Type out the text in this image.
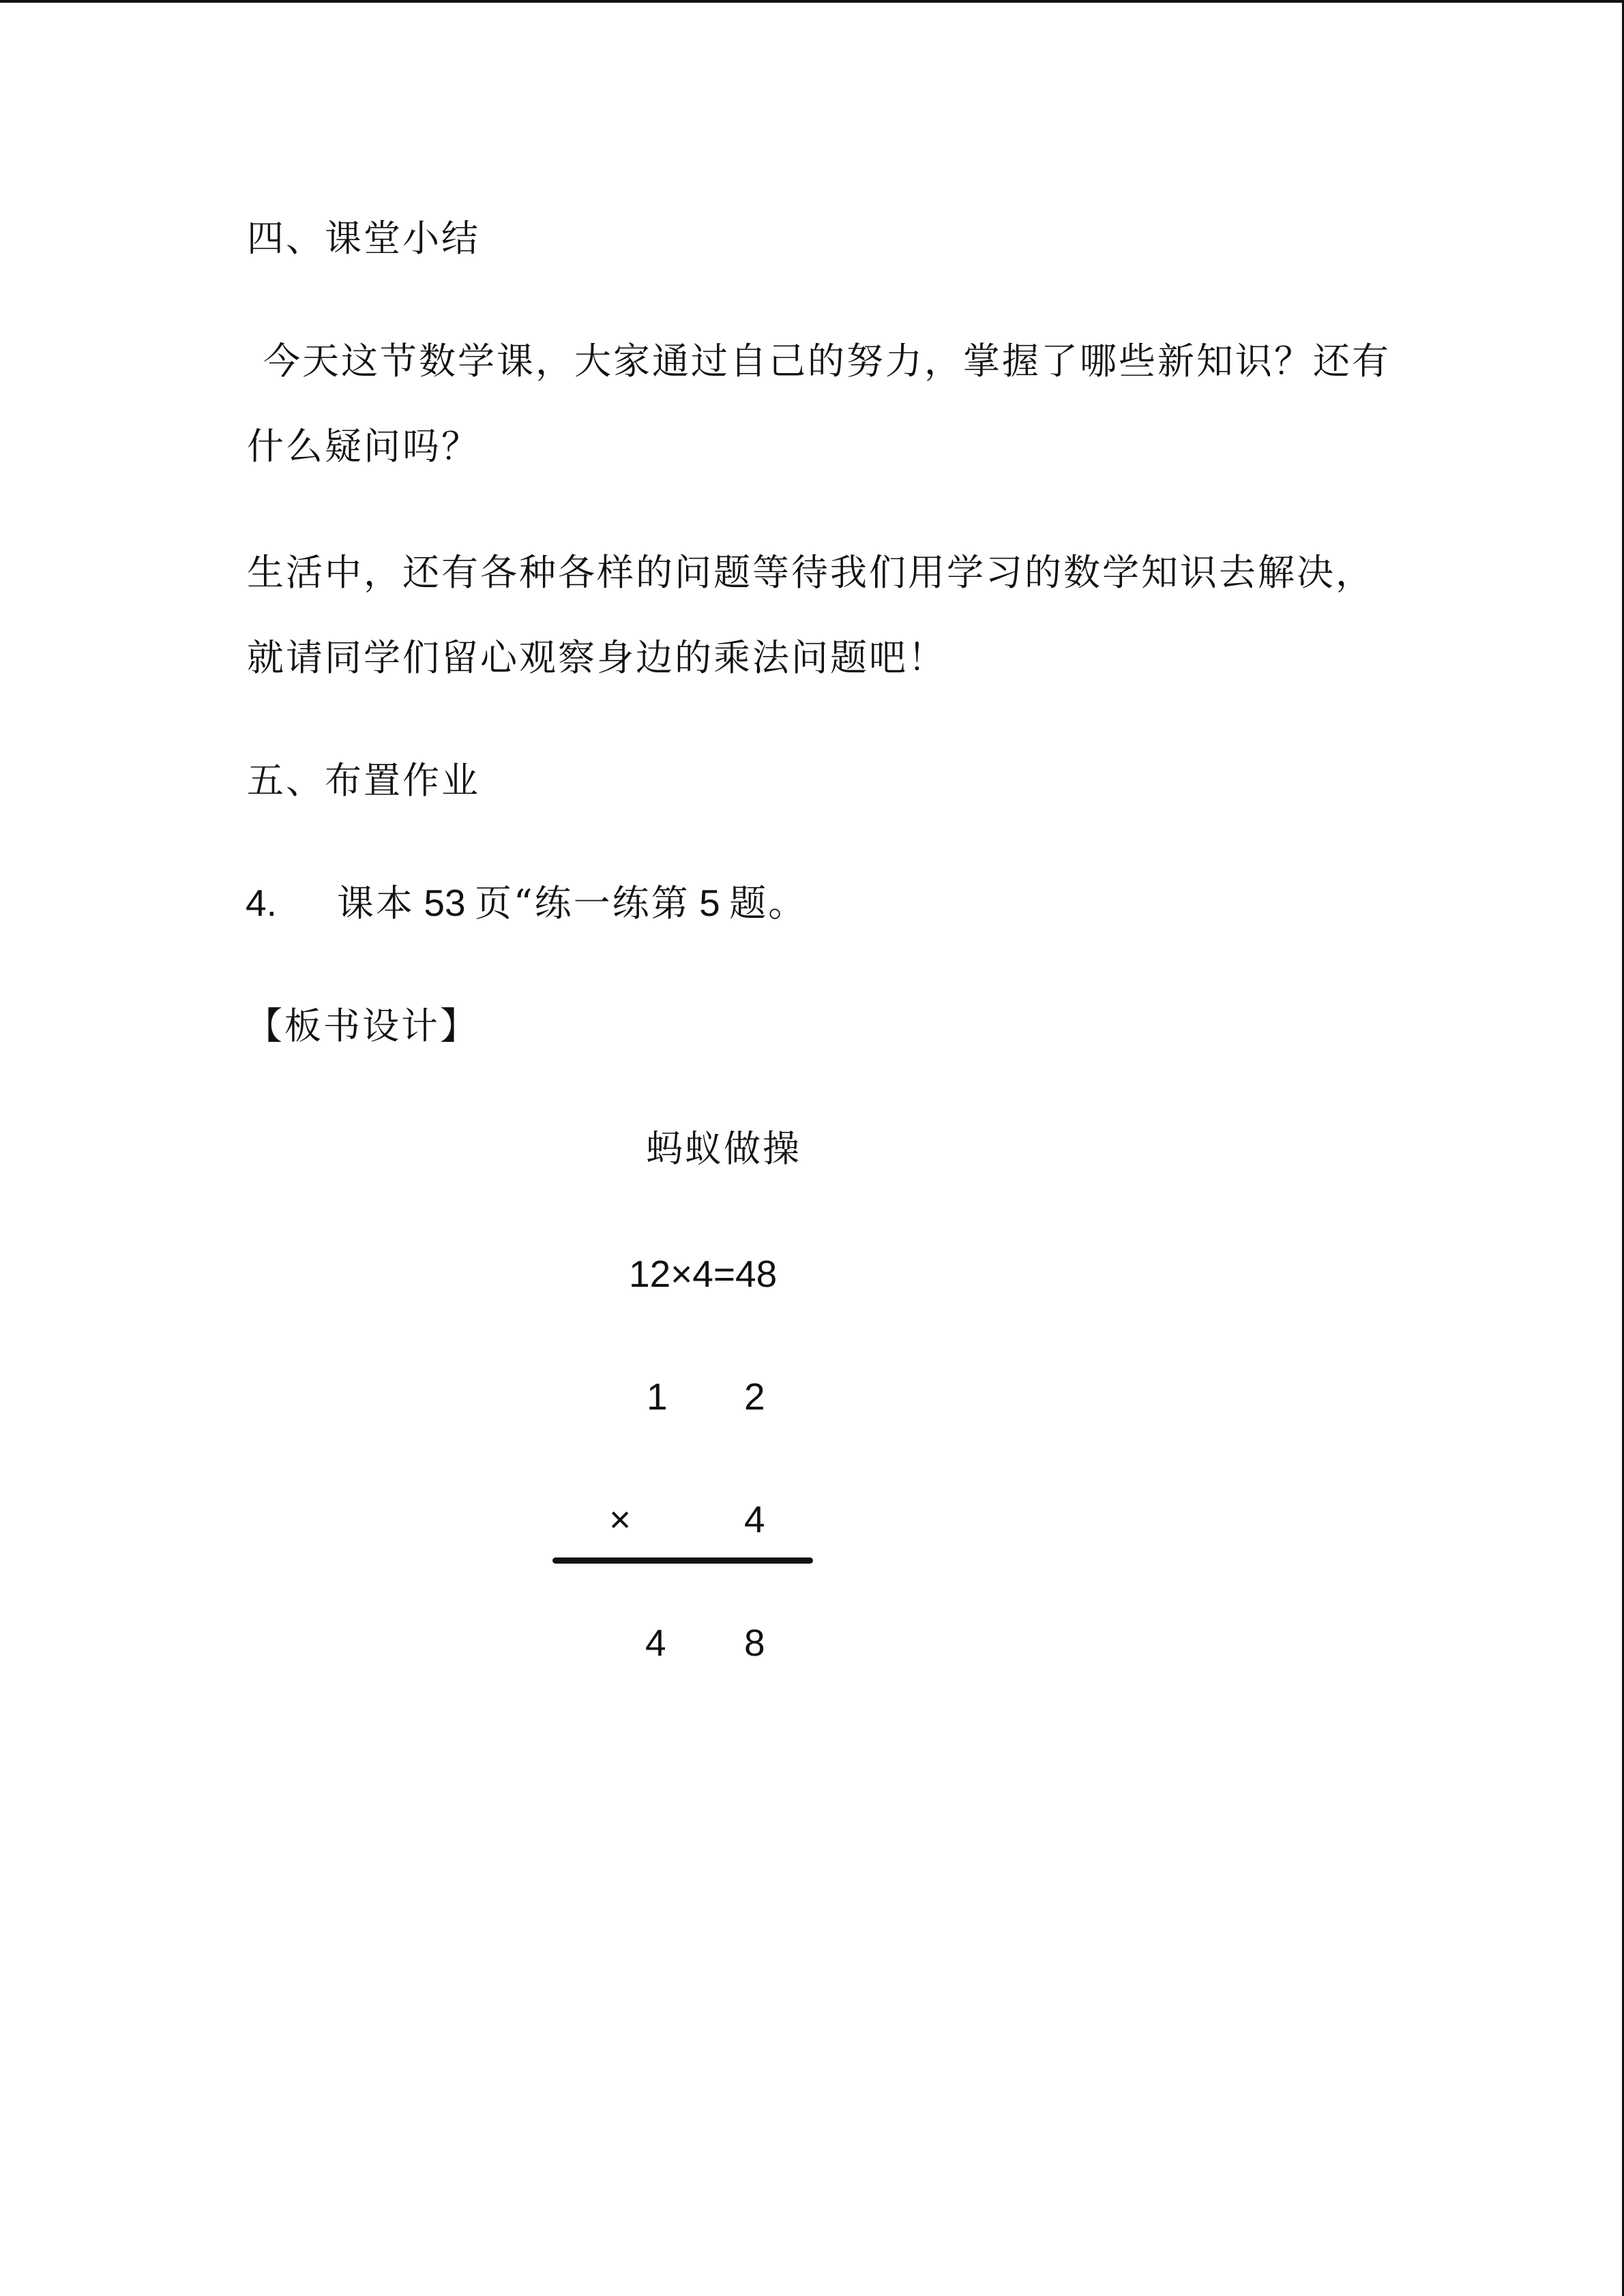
四、课堂小结
今天这节数学课，大家通过自己的努力，掌握了哪些新知识？还有
什么疑问吗？
生活中，还有各种各样的问题等待我们用学习的数学知识去解决，
就请同学们留心观察身边的乘法问题吧！
五、布置作业
4. 课本 53 页“练一练第 5 题。
【板书设计】
蚂蚁做操
12×4=48
1 2
×	4
4 8
